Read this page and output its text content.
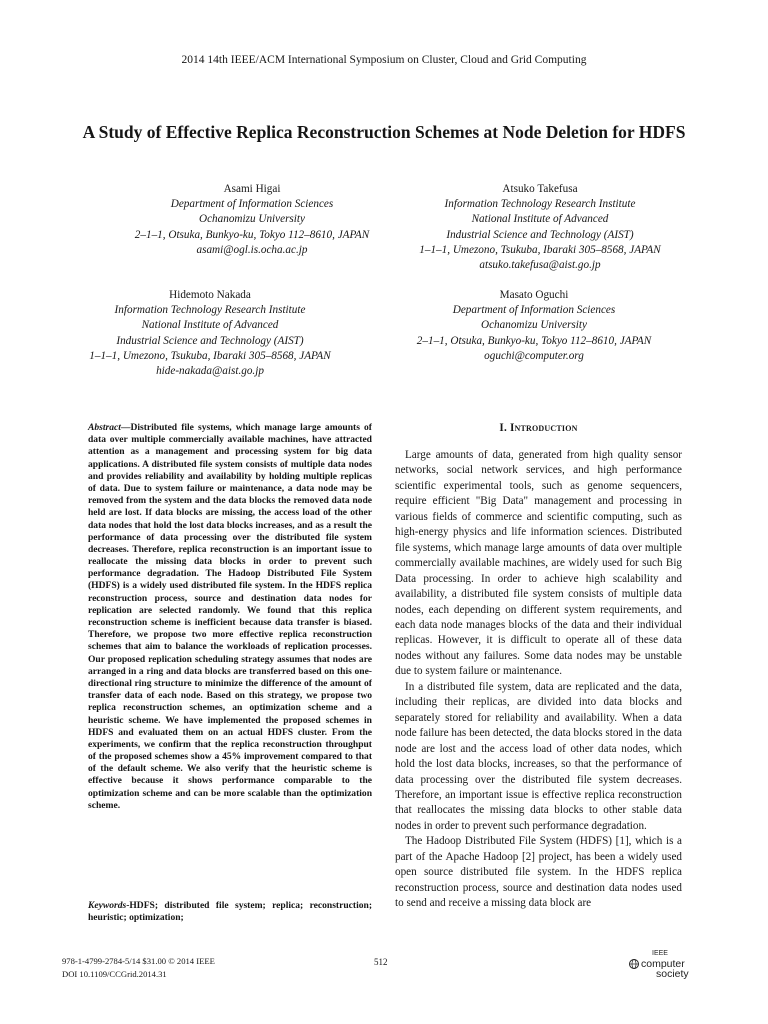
2014 14th IEEE/ACM International Symposium on Cluster, Cloud and Grid Computing
A Study of Effective Replica Reconstruction Schemes at Node Deletion for HDFS
Asami Higai
Department of Information Sciences
Ochanomizu University
2–1–1, Otsuka, Bunkyo-ku, Tokyo 112–8610, JAPAN
asami@ogl.is.ocha.ac.jp
Atsuko Takefusa
Information Technology Research Institute
National Institute of Advanced
Industrial Science and Technology (AIST)
1–1–1, Umezono, Tsukuba, Ibaraki 305–8568, JAPAN
atsuko.takefusa@aist.go.jp
Hidemoto Nakada
Information Technology Research Institute
National Institute of Advanced
Industrial Science and Technology (AIST)
1–1–1, Umezono, Tsukuba, Ibaraki 305–8568, JAPAN
hide-nakada@aist.go.jp
Masato Oguchi
Department of Information Sciences
Ochanomizu University
2–1–1, Otsuka, Bunkyo-ku, Tokyo 112–8610, JAPAN
oguchi@computer.org

Abstract—Distributed file systems, which manage large amounts of data over multiple commercially available machines, have attracted attention as a management and processing system for big data applications. A distributed file system consists of multiple data nodes and provides reliability and availability by holding multiple replicas of data. Due to system failure or maintenance, a data node may be removed from the system and the data blocks the removed data node held are lost. If data blocks are missing, the access load of the other data nodes that hold the lost data blocks increases, and as a result the performance of data processing over the distributed file system decreases. Therefore, replica reconstruction is an important issue to reallocate the missing data blocks in order to prevent such performance degradation. The Hadoop Distributed File System (HDFS) is a widely used distributed file system. In the HDFS replica reconstruction process, source and destination data nodes for replication are selected randomly. We found that this replica reconstruction scheme is inefficient because data transfer is biased. Therefore, we propose two more effective replica reconstruction schemes that aim to balance the workloads of replication processes. Our proposed replication scheduling strategy assumes that nodes are arranged in a ring and data blocks are transferred based on this one-directional ring structure to minimize the difference of the amount of transfer data of each node. Based on this strategy, we propose two replica reconstruction schemes, an optimization scheme and a heuristic scheme. We have implemented the proposed schemes in HDFS and evaluated them on an actual HDFS cluster. From the experiments, we confirm that the replica reconstruction throughput of the proposed schemes show a 45% improvement compared to that of the default scheme. We also verify that the heuristic scheme is effective because it shows performance comparable to the optimization scheme and can be more scalable than the optimization scheme.

Keywords-HDFS; distributed file system; replica; reconstruction; heuristic; optimization;

I. Introduction

Large amounts of data, generated from high quality sensor networks, social network services, and high performance scientific experimental tools, such as genome sequencers, require efficient "Big Data" management and processing in various fields of commerce and scientific computing, such as high-energy physics and life information sciences. Distributed file systems, which manage large amounts of data over multiple commercially available machines, are widely used for such Big Data processing. In order to achieve high scalability and availability, a distributed file system consists of multiple data nodes, each depending on different system requirements, and each data node manages blocks of the data and their individual replicas. However, it is difficult to operate all of these data nodes without any failures. Some data nodes may be unstable due to system failure or maintenance.

In a distributed file system, data are replicated and the data, including their replicas, are divided into data blocks and separately stored for reliability and availability. When a data node failure has been detected, the data blocks stored in the data node are lost and the access load of other data nodes, which hold the lost data blocks, increases, so that the performance of data processing over the distributed file system decreases. Therefore, an important issue is effective replica reconstruction that reallocates the missing data blocks to other stable data nodes in order to prevent such performance degradation.

The Hadoop Distributed File System (HDFS) [1], which is a part of the Apache Hadoop [2] project, has been a widely used open source distributed file system. In the HDFS replica reconstruction process, source and destination data nodes used to send and receive a missing data block are

978-1-4799-2784-5/14 $31.00 © 2014 IEEE
DOI 10.1109/CCGrid.2014.31
512
IEEE
computer
society
